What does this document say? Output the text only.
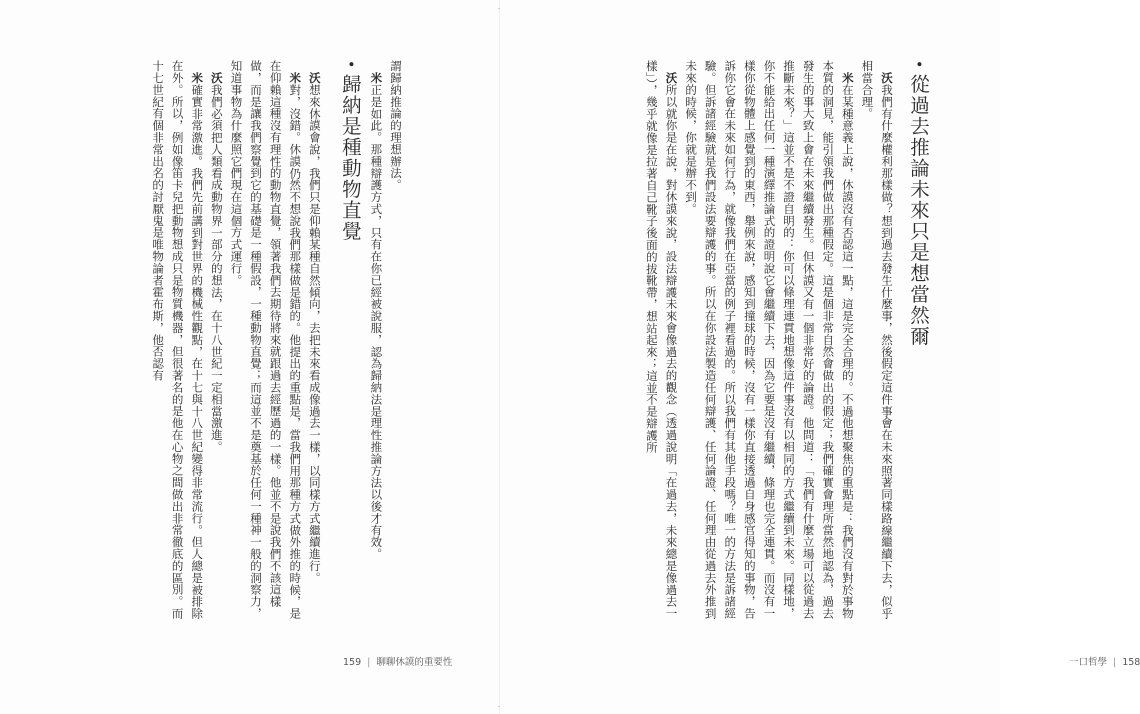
謂歸納推論的理想辦法。

米正是如此。那種辯護方式，只有在你已經被說服，認為歸納法是理性推論方法以後才有效。

• 歸納是種動物直覺

沃想來休謨會說，我們只是仰賴某種自然傾向，去把未來看成像過去一樣，以同樣方式繼續進行。

米對，沒錯。休謨仍然不想說我們那樣做是錯的。他提出的重點是，當我們用那種方式做外推的時候，是在仰賴這種沒有理性的動物直覺，領著我們去期待將來就跟過去經歷過的一樣。他並不是說我們不該這樣做，而是讓我們察覺到它的基礎是一種假設，一種動物直覺；而這並不是奠基於任何一種神一般的洞察力，知道事物為什麼照它們現在這個方式運行。

沃我們必須把人類看成動物界一部分的想法，在十八世紀一定相當激進。

米確實非常激進。我們先前講到對世界的機械性觀點，在十七與十八世紀變得非常流行。但人總是被排除在外。所以，例如像笛卡兒把動物想成只是物質機器，但很著名的是他在心物之間做出非常徹底的區別。而十七世紀有個非常出名的討厭鬼是唯物論者霍布斯，他否認有

159 | 聊聊休謨的重要性
• 從過去推論未來只是想當然爾

沃我們有什麼權利那樣做？想到過去發生什麼事，然後假定這件事會在未來照著同樣路線繼續下去，似乎相當合理。

米在某種意義上說，休謨沒有否認這一點，這是完全合理的。不過他想聚焦的重點是：我們沒有對於事物本質的洞見，能引領我們做出那種假定。這是個非常自然會做出的假定；我們確實會理所當然地認為，過去發生的事大致上會在未來繼續發生。但休謨又有一個非常好的論證。他問道：「我們有什麼立場可以從過去推斷未來？」這並不是不證自明的：你可以條理連貫地想像這件事沒有以相同的方式繼續到未來。同樣地，你不能給出任何一種演繹推論式的證明說它會繼續下去，因為它要是沒有繼續，條理也完全連貫。而沒有一樣你從物體上感覺到的東西，舉例來說，感知到撞球的時候，沒有一樣你直接透過自身感官得知的事物，告訴你它會在未來如何行為，就像我們在亞當的例子裡看過的。所以我們有其他手段嗎？唯一的方法是訴諸經驗。但訴諸經驗就是我們設法要辯護的事。所以在你設法製造任何辯護、任何論證、任何理由從過去外推到未來的時候，你就是辦不到。

沃所以就你是在說，對休謨來說，設法辯護未來會像過去的觀念（透過說明「在過去，未來總是像過去一樣」），幾乎就像是拉著自己靴子後面的拔靴帶，想站起來；這並不是辯護所

一口哲學 | 158
